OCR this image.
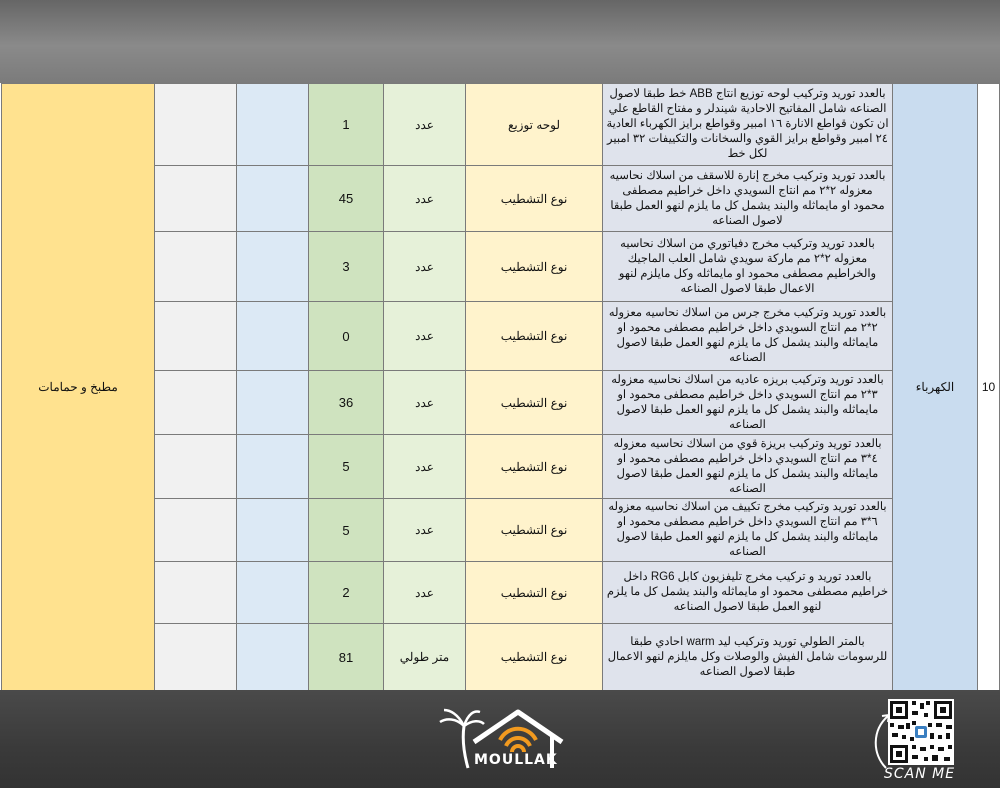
مطبخ و حمامات			1	عدد	لوحه توزيع	بالعدد توريد وتركيب لوحه توزيع انتاج ABB خط طبقا لاصول الصناعه شامل المفاتيح الاحادية شيندلر و مفتاح القاطع علي ان تكون قواطع الانارة ١٦ امبير وقواطع برايز الكهرباء العادية ٢٤ امبير وقواطع برايز القوي والسخانات والتكييفات ٣٢ امبير لكل خط	الكهرباء	10
			45	عدد	نوع التشطيب	بالعدد توريد وتركيب مخرج إنارة للاسقف من اسلاك نحاسيه معزوله ٢*٢ مم انتاج السويدي داخل خراطيم مصطفى محمود او مايماثله والبند يشمل كل ما يلزم لنهو العمل طبقا لاصول الصناعه		
			3	عدد	نوع التشطيب	بالعدد توريد وتركيب مخرج دفياتوري من اسلاك نحاسيه معزوله ٢*٢ مم ماركة سويدي شامل العلب الماجيك والخراطيم مصطفى محمود او مايماثله وكل مايلزم لنهو الاعمال طبقا لاصول الصناعه		
			0	عدد	نوع التشطيب	بالعدد توريد وتركيب مخرج جرس من اسلاك نحاسيه معزوله ٢*٢ مم انتاج السويدي داخل خراطيم مصطفى محمود او مايماثله والبند يشمل كل ما يلزم لنهو العمل طبقا لاصول الصناعه		
			36	عدد	نوع التشطيب	بالعدد توريد وتركيب بريزه عاديه من اسلاك نحاسيه معزوله ٣*٢ مم انتاج السويدي داخل خراطيم مصطفى محمود او مايماثله والبند يشمل كل ما يلزم لنهو العمل طبقا لاصول الصناعه		
			5	عدد	نوع التشطيب	بالعدد توريد وتركيب بريزة قوي من اسلاك نحاسيه معزوله ٤*٣ مم انتاج السويدي داخل خراطيم مصطفى محمود او مايماثله والبند يشمل كل ما يلزم لنهو العمل طبقا لاصول الصناعه		
			5	عدد	نوع التشطيب	بالعدد توريد وتركيب مخرج تكييف من اسلاك نحاسيه معزوله ٦*٣ مم انتاج السويدي داخل خراطيم مصطفى محمود او مايماثله والبند يشمل كل ما يلزم لنهو العمل طبقا لاصول الصناعه		
			2	عدد	نوع التشطيب	بالعدد توريد و تركيب مخرج تليفزيون كابل RG6 داخل خراطيم مصطفى محمود او مايماثله والبند يشمل كل ما يلزم لنهو العمل طبقا لاصول الصناعه		
			81	متر طولي	نوع التشطيب	بالمتر الطولي توريد وتركيب ليد warm احادي طبقا للرسومات شامل الفيش والوصلات وكل مايلزم لنهو الاعمال طبقا لاصول الصناعه		
MOULLAK
SCAN ME
